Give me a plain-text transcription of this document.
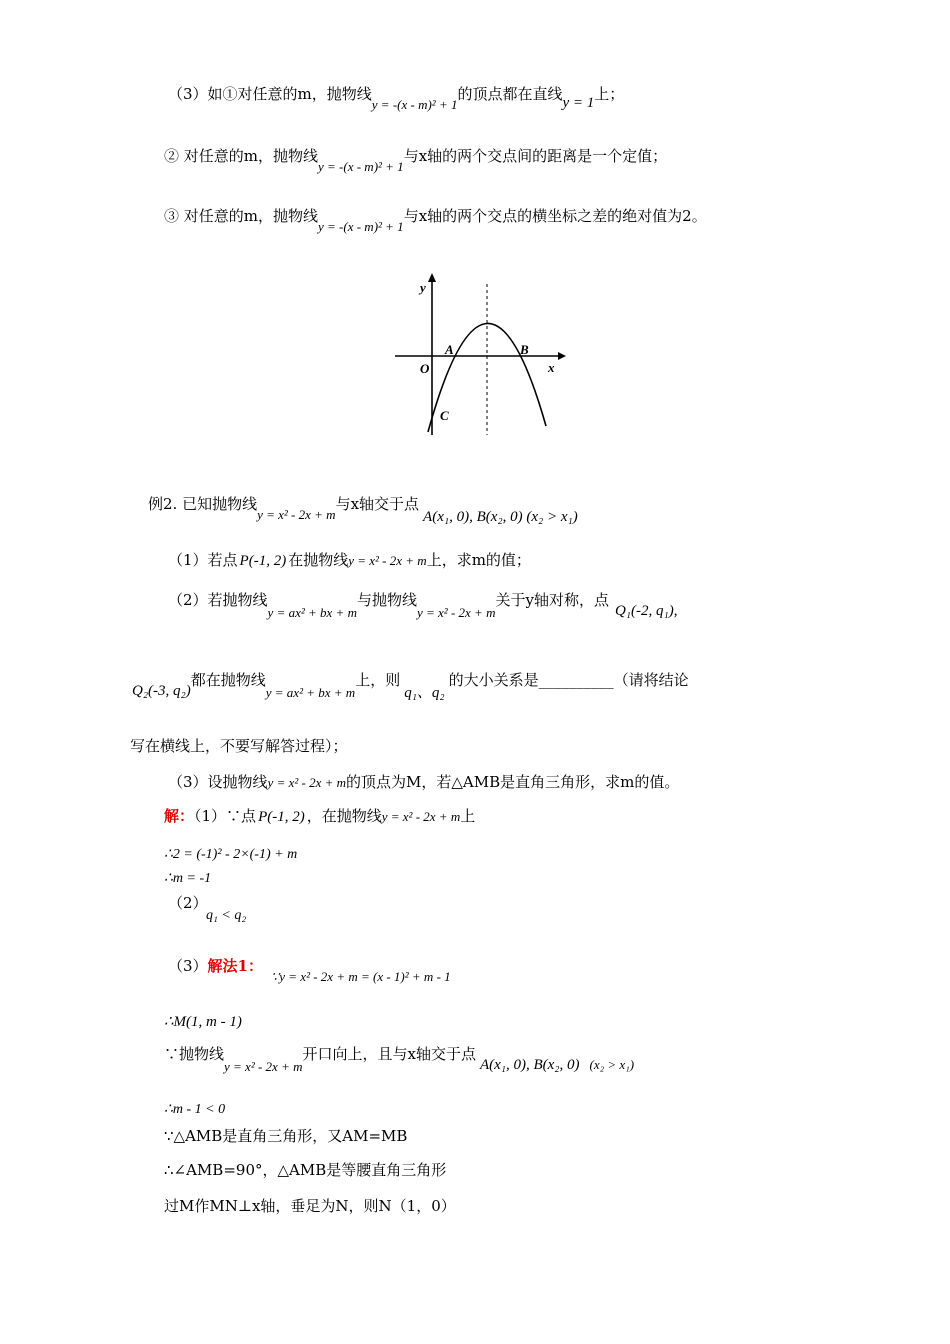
（3）如①对任意的m，抛物线y = -(x - m)² + 1的顶点都在直线y = 1上；
② 对任意的m，抛物线y = -(x - m)² + 1与x轴的两个交点间的距离是一个定值；
③ 对任意的m，抛物线y = -(x - m)² + 1与x轴的两个交点的横坐标之差的绝对值为2。
y
x
O
A	B
C
例2. 已知抛物线y = x² - 2x + m与x轴交于点A(x₁, 0), B(x₂, 0) (x₂ > x₁)
（1）若点 P(-1, 2) 在抛物线y = x² - 2x + m上，求m的值；
（2）若抛物线y = ax² + bx + m与抛物线y = x² - 2x + m关于y轴对称，点Q₁(-2, q₁),
Q₂(-3, q₂)都在抛物线y = ax² + bx + m上，则q₁、q₂的大小关系是__________（请将结论
写在横线上，不要写解答过程）；
（3）设抛物线y = x² - 2x + m的顶点为M，若△AMB是直角三角形，求m的值。
解：（1）∵点 P(-1, 2) ，在抛物线y = x² - 2x + m上
∴2 = (-1)² - 2×(-1) + m
∴m = -1
（2）
q₁ < q₂
（3）解法1：∵y = x² - 2x + m = (x - 1)² + m - 1
∴M(1, m - 1)
∵抛物线y = x² - 2x + m开口向上，且与x轴交于点A(x₁, 0), B(x₂, 0) (x₂ > x₁)
∴m - 1 < 0
∵△AMB是直角三角形，又AM=MB
∴∠AMB=90°，△AMB是等腰直角三角形
过M作MN⊥x轴，垂足为N，则N（1，0）
